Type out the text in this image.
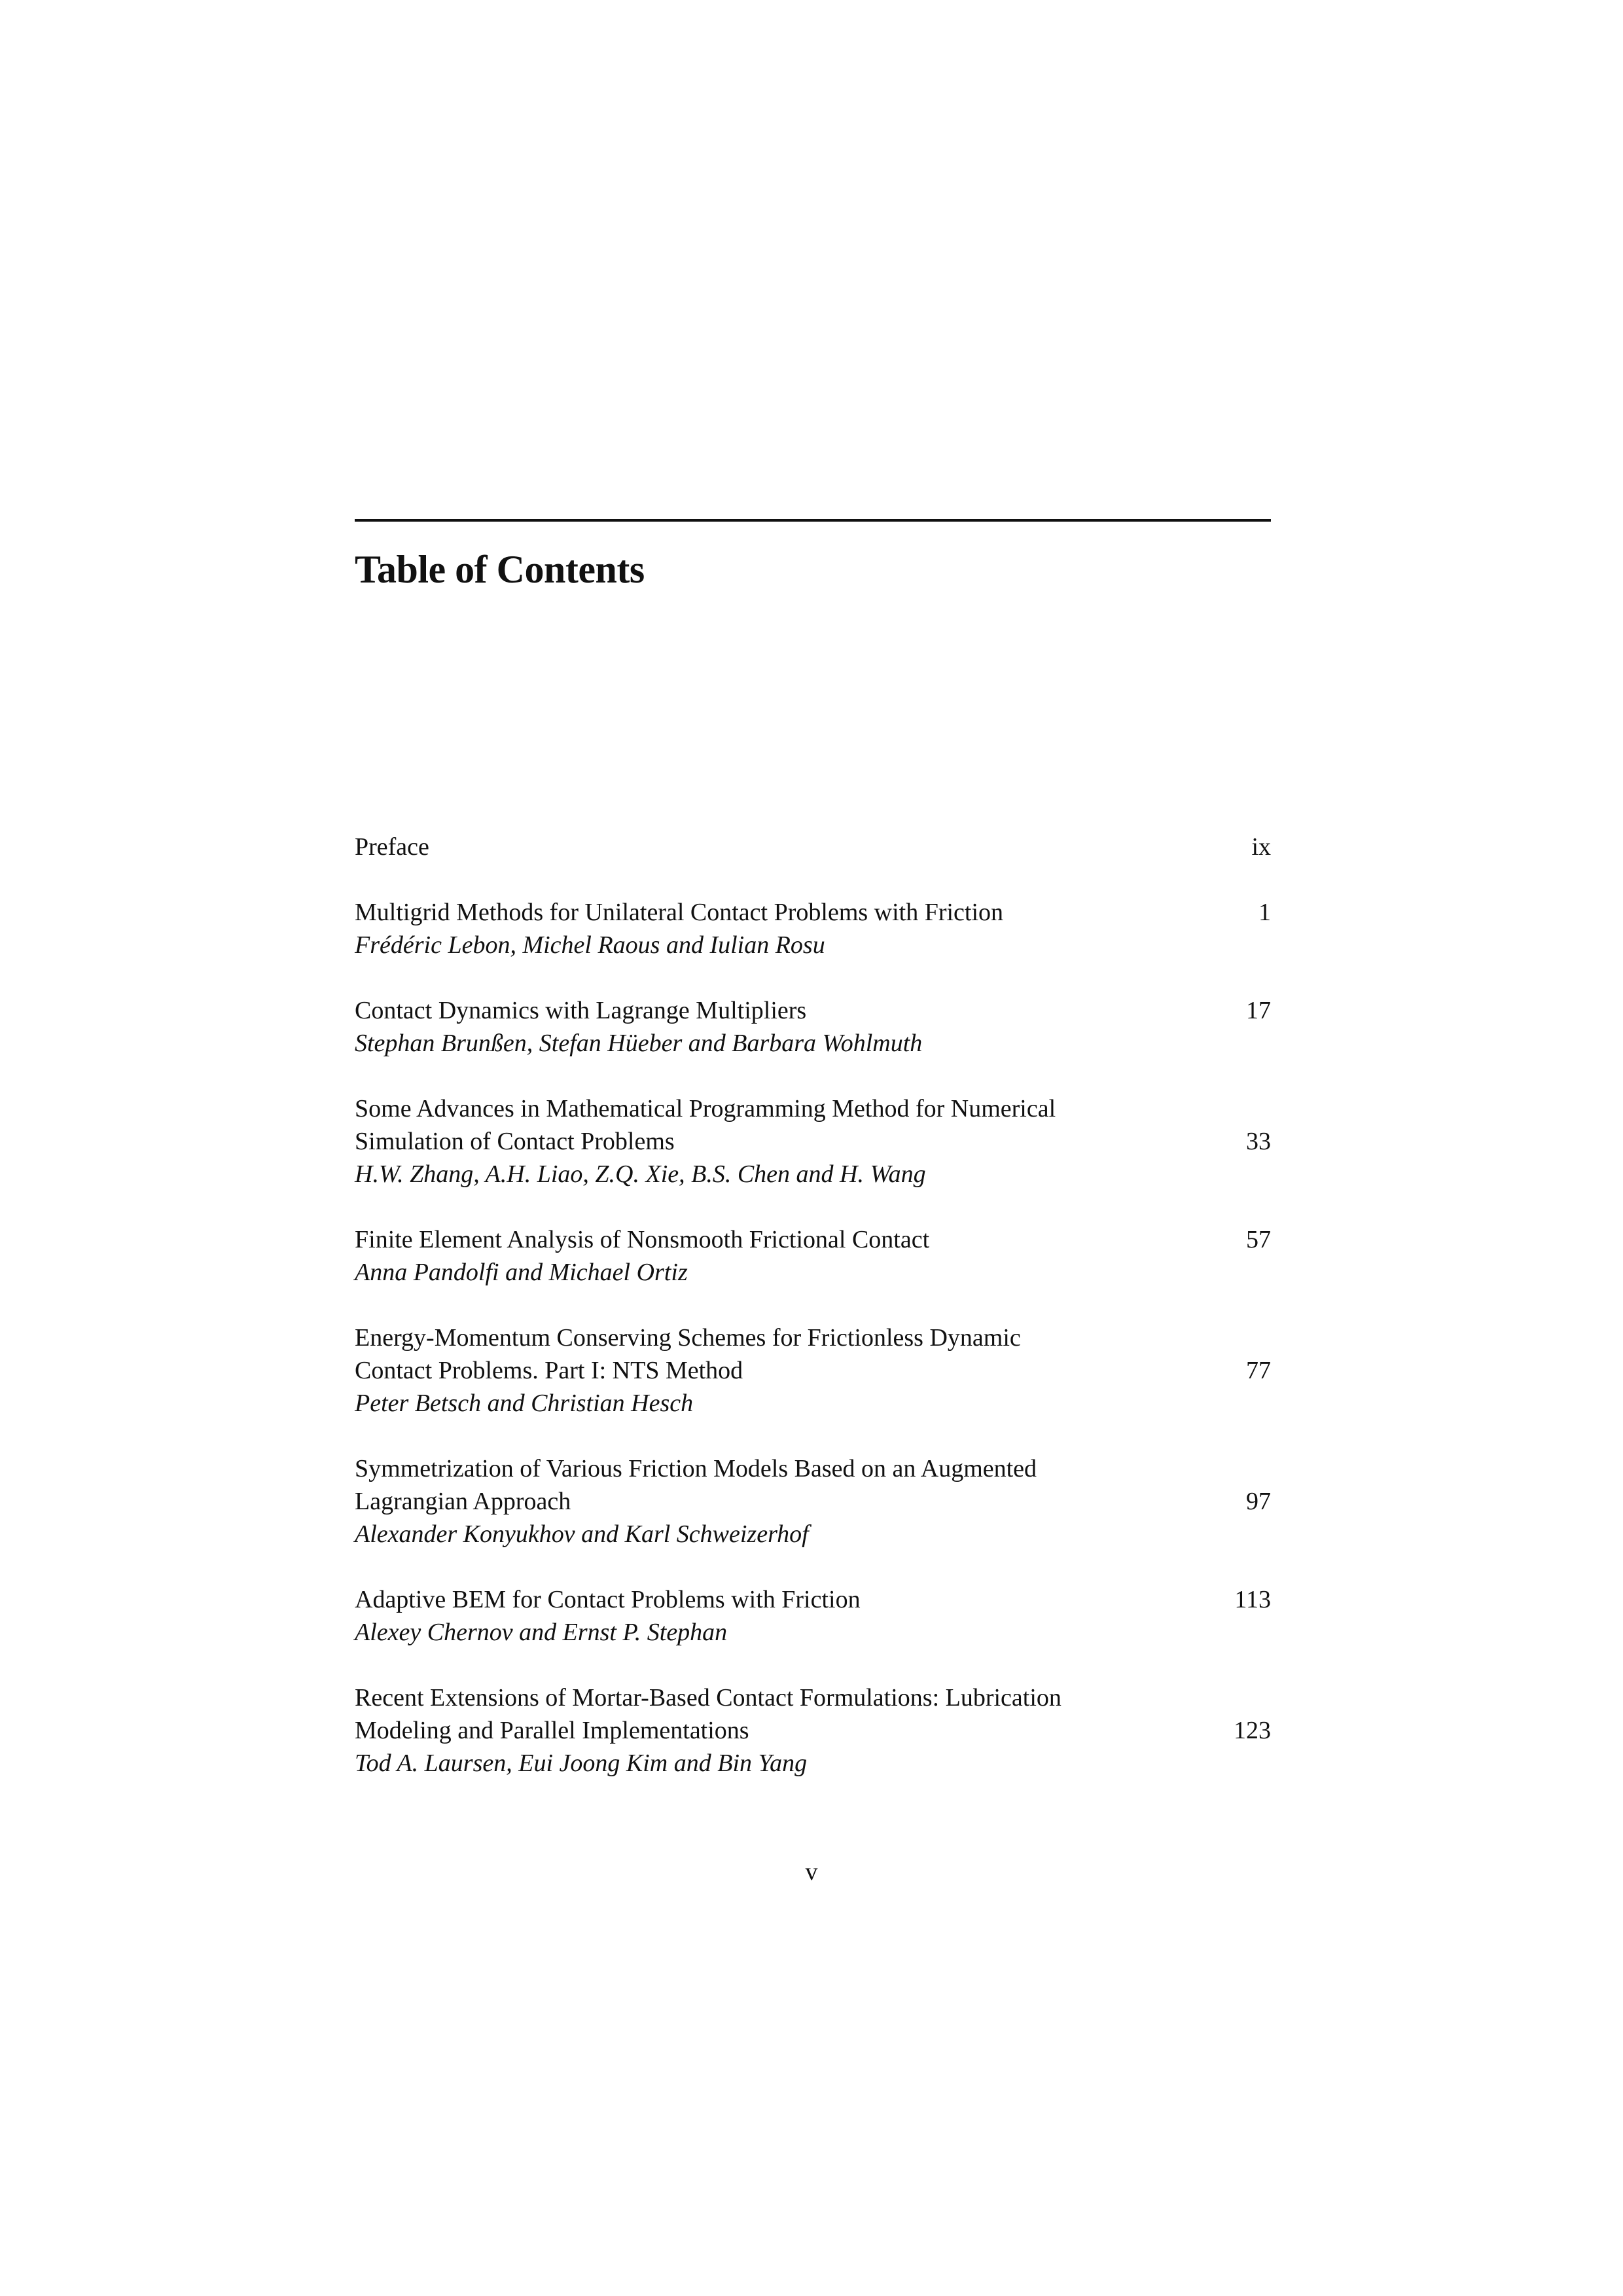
Table of Contents
Preface	ix
Multigrid Methods for Unilateral Contact Problems with Friction
Frédéric Lebon, Michel Raous and Iulian Rosu
1
Contact Dynamics with Lagrange Multipliers
Stephan Brunßen, Stefan Hüeber and Barbara Wohlmuth
17
Some Advances in Mathematical Programming Method for Numerical
Simulation of Contact Problems
H.W. Zhang, A.H. Liao, Z.Q. Xie, B.S. Chen and H. Wang
33
Finite Element Analysis of Nonsmooth Frictional Contact
Anna Pandolfi and Michael Ortiz
57
Energy-Momentum Conserving Schemes for Frictionless Dynamic
Contact Problems. Part I: NTS Method
Peter Betsch and Christian Hesch
77
Symmetrization of Various Friction Models Based on an Augmented
Lagrangian Approach
Alexander Konyukhov and Karl Schweizerhof
97
Adaptive BEM for Contact Problems with Friction
Alexey Chernov and Ernst P. Stephan
113
Recent Extensions of Mortar-Based Contact Formulations: Lubrication
Modeling and Parallel Implementations
Tod A. Laursen, Eui Joong Kim and Bin Yang
123
v
